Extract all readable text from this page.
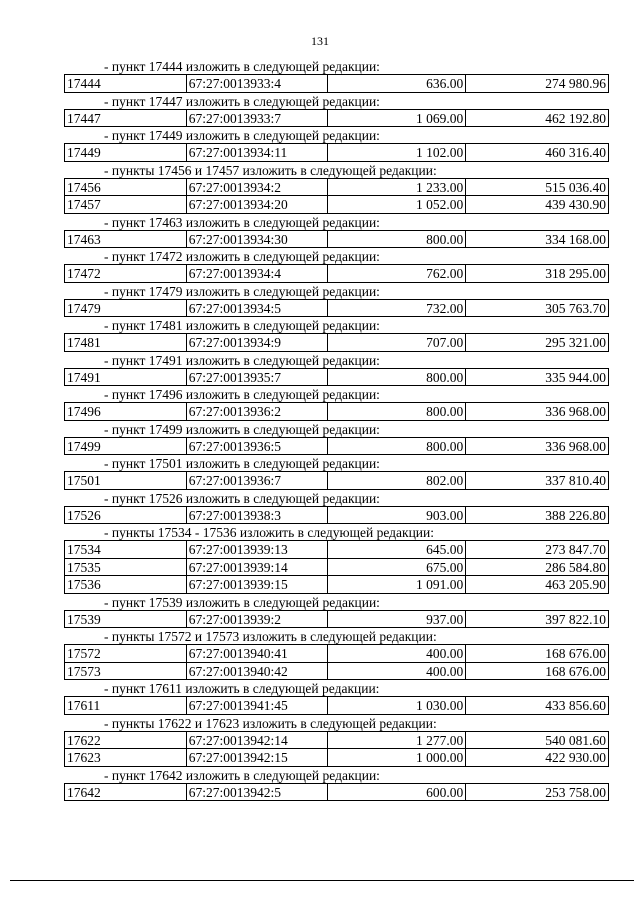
131
- пункт 17444 изложить в следующей редакции:
17444	67:27:0013933:4	636.00	274 980.96
- пункт 17447 изложить в следующей редакции:
17447	67:27:0013933:7	1 069.00	462 192.80
- пункт 17449 изложить в следующей редакции:
17449	67:27:0013934:11	1 102.00	460 316.40
- пункты 17456 и 17457 изложить в следующей редакции:
17456	67:27:0013934:2	1 233.00	515 036.40
17457	67:27:0013934:20	1 052.00	439 430.90
- пункт 17463 изложить в следующей редакции:
17463	67:27:0013934:30	800.00	334 168.00
- пункт 17472 изложить в следующей редакции:
17472	67:27:0013934:4	762.00	318 295.00
- пункт 17479 изложить в следующей редакции:
17479	67:27:0013934:5	732.00	305 763.70
- пункт 17481 изложить в следующей редакции:
17481	67:27:0013934:9	707.00	295 321.00
- пункт 17491 изложить в следующей редакции:
17491	67:27:0013935:7	800.00	335 944.00
- пункт 17496 изложить в следующей редакции:
17496	67:27:0013936:2	800.00	336 968.00
- пункт 17499 изложить в следующей редакции:
17499	67:27:0013936:5	800.00	336 968.00
- пункт 17501 изложить в следующей редакции:
17501	67:27:0013936:7	802.00	337 810.40
- пункт 17526 изложить в следующей редакции:
17526	67:27:0013938:3	903.00	388 226.80
- пункты 17534 - 17536 изложить в следующей редакции:
17534	67:27:0013939:13	645.00	273 847.70
17535	67:27:0013939:14	675.00	286 584.80
17536	67:27:0013939:15	1 091.00	463 205.90
- пункт 17539 изложить в следующей редакции:
17539	67:27:0013939:2	937.00	397 822.10
- пункты 17572 и 17573 изложить в следующей редакции:
17572	67:27:0013940:41	400.00	168 676.00
17573	67:27:0013940:42	400.00	168 676.00
- пункт 17611 изложить в следующей редакции:
17611	67:27:0013941:45	1 030.00	433 856.60
- пункты 17622 и 17623 изложить в следующей редакции:
17622	67:27:0013942:14	1 277.00	540 081.60
17623	67:27:0013942:15	1 000.00	422 930.00
- пункт 17642 изложить в следующей редакции:
17642	67:27:0013942:5	600.00	253 758.00
